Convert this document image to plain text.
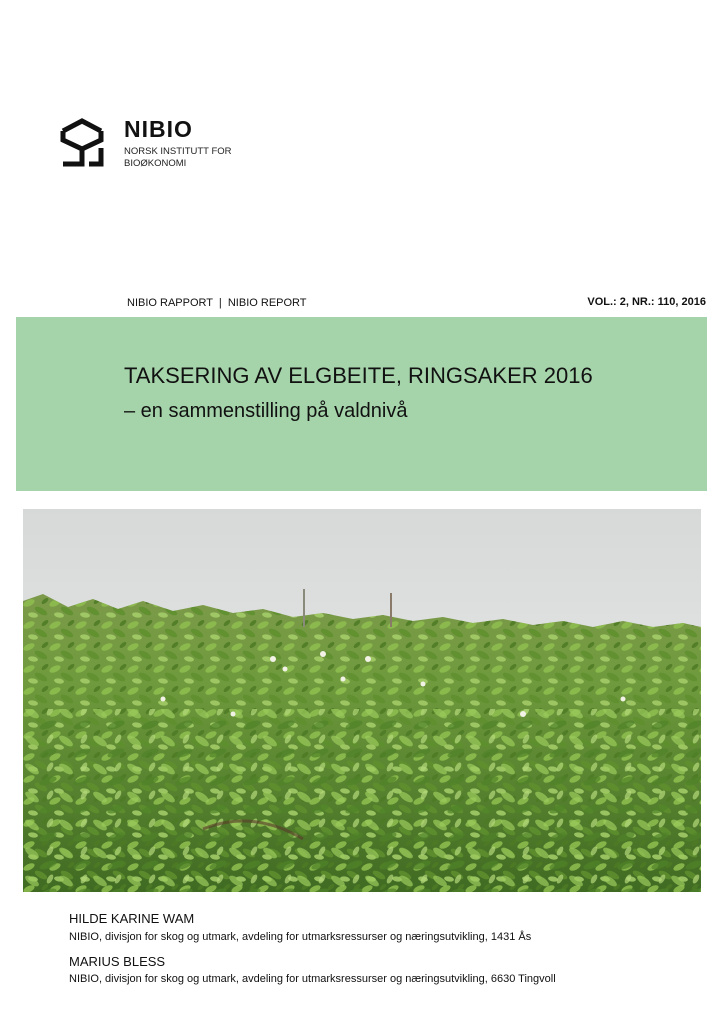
NIBIO
NORSK INSTITUTT FOR
BIOØKONOMI
NIBIO RAPPORT  |  NIBIO REPORT	VOL.: 2, NR.: 110, 2016
TAKSERING AV ELGBEITE, RINGSAKER 2016
– en sammenstilling på valdnivå
HILDE KARINE WAM
NIBIO, divisjon for skog og utmark, avdeling for utmarksressurser og næringsutvikling, 1431 Ås
MARIUS BLESS
NIBIO, divisjon for skog og utmark, avdeling for utmarksressurser og næringsutvikling, 6630 Tingvoll
